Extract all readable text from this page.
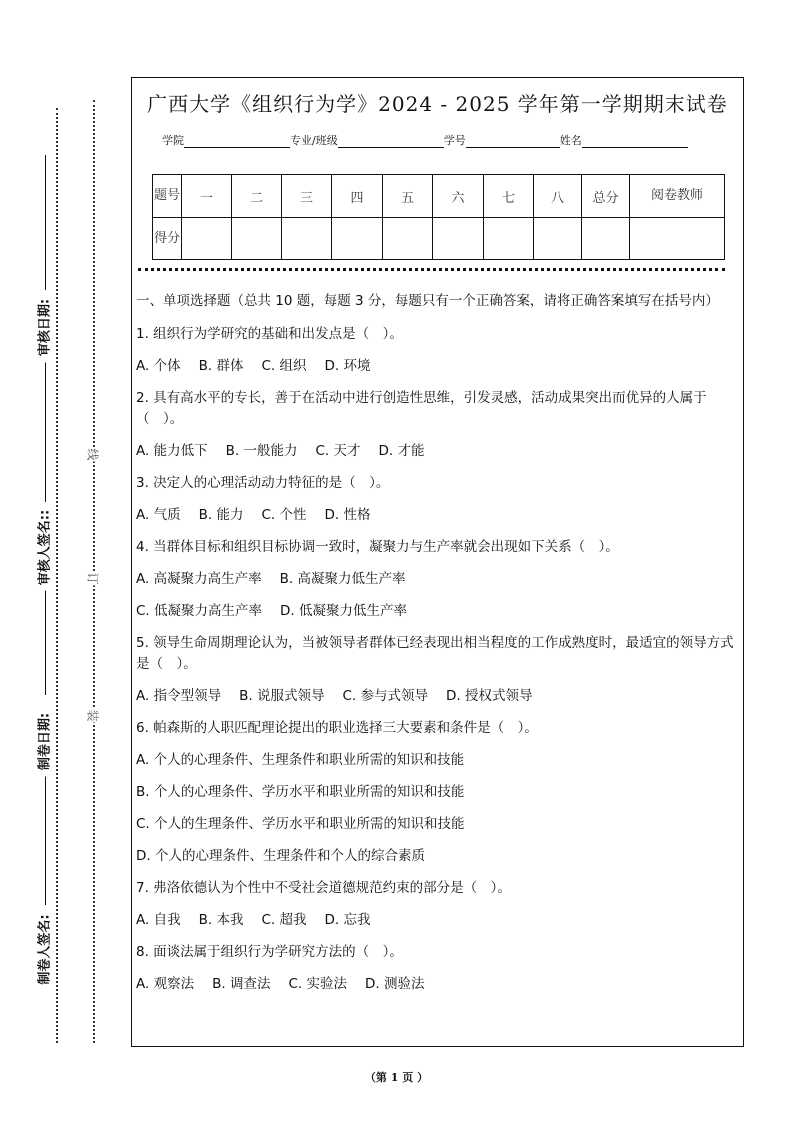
审核日期:
审核人签名::
制卷日期:
制卷人签名:
线
订
装
广西大学《组织行为学》2024 - 2025 学年第一学期期末试卷
学院	专业/班级	学号	姓名
题号	一	二	三	四	五	六	七	八	总分	阅卷教师
得分										

一、单项选择题（总共 10 题，每题 3 分，每题只有一个正确答案，请将正确答案填写在括号内）

1. 组织行为学研究的基础和出发点是（　）。

A. 个体 B. 群体 C. 组织 D. 环境

2. 具有高水平的专长，善于在活动中进行创造性思维，引发灵感，活动成果突出而优异的人属于（　）。

A. 能力低下 B. 一般能力 C. 天才 D. 才能

3. 决定人的心理活动动力特征的是（　）。

A. 气质 B. 能力 C. 个性 D. 性格

4. 当群体目标和组织目标协调一致时，凝聚力与生产率就会出现如下关系（　）。

A. 高凝聚力高生产率 B. 高凝聚力低生产率

C. 低凝聚力高生产率 D. 低凝聚力低生产率

5. 领导生命周期理论认为，当被领导者群体已经表现出相当程度的工作成熟度时，最适宜的领导方式是（　）。

A. 指令型领导 B. 说服式领导 C. 参与式领导 D. 授权式领导

6. 帕森斯的人职匹配理论提出的职业选择三大要素和条件是（　）。

A. 个人的心理条件、生理条件和职业所需的知识和技能

B. 个人的心理条件、学历水平和职业所需的知识和技能

C. 个人的生理条件、学历水平和职业所需的知识和技能

D. 个人的心理条件、生理条件和个人的综合素质

7. 弗洛依德认为个性中不受社会道德规范约束的部分是（　）。

A. 自我 B. 本我 C. 超我 D. 忘我

8. 面谈法属于组织行为学研究方法的（　）。

A. 观察法 B. 调查法 C. 实验法 D. 测验法

（第 1 页 ）
